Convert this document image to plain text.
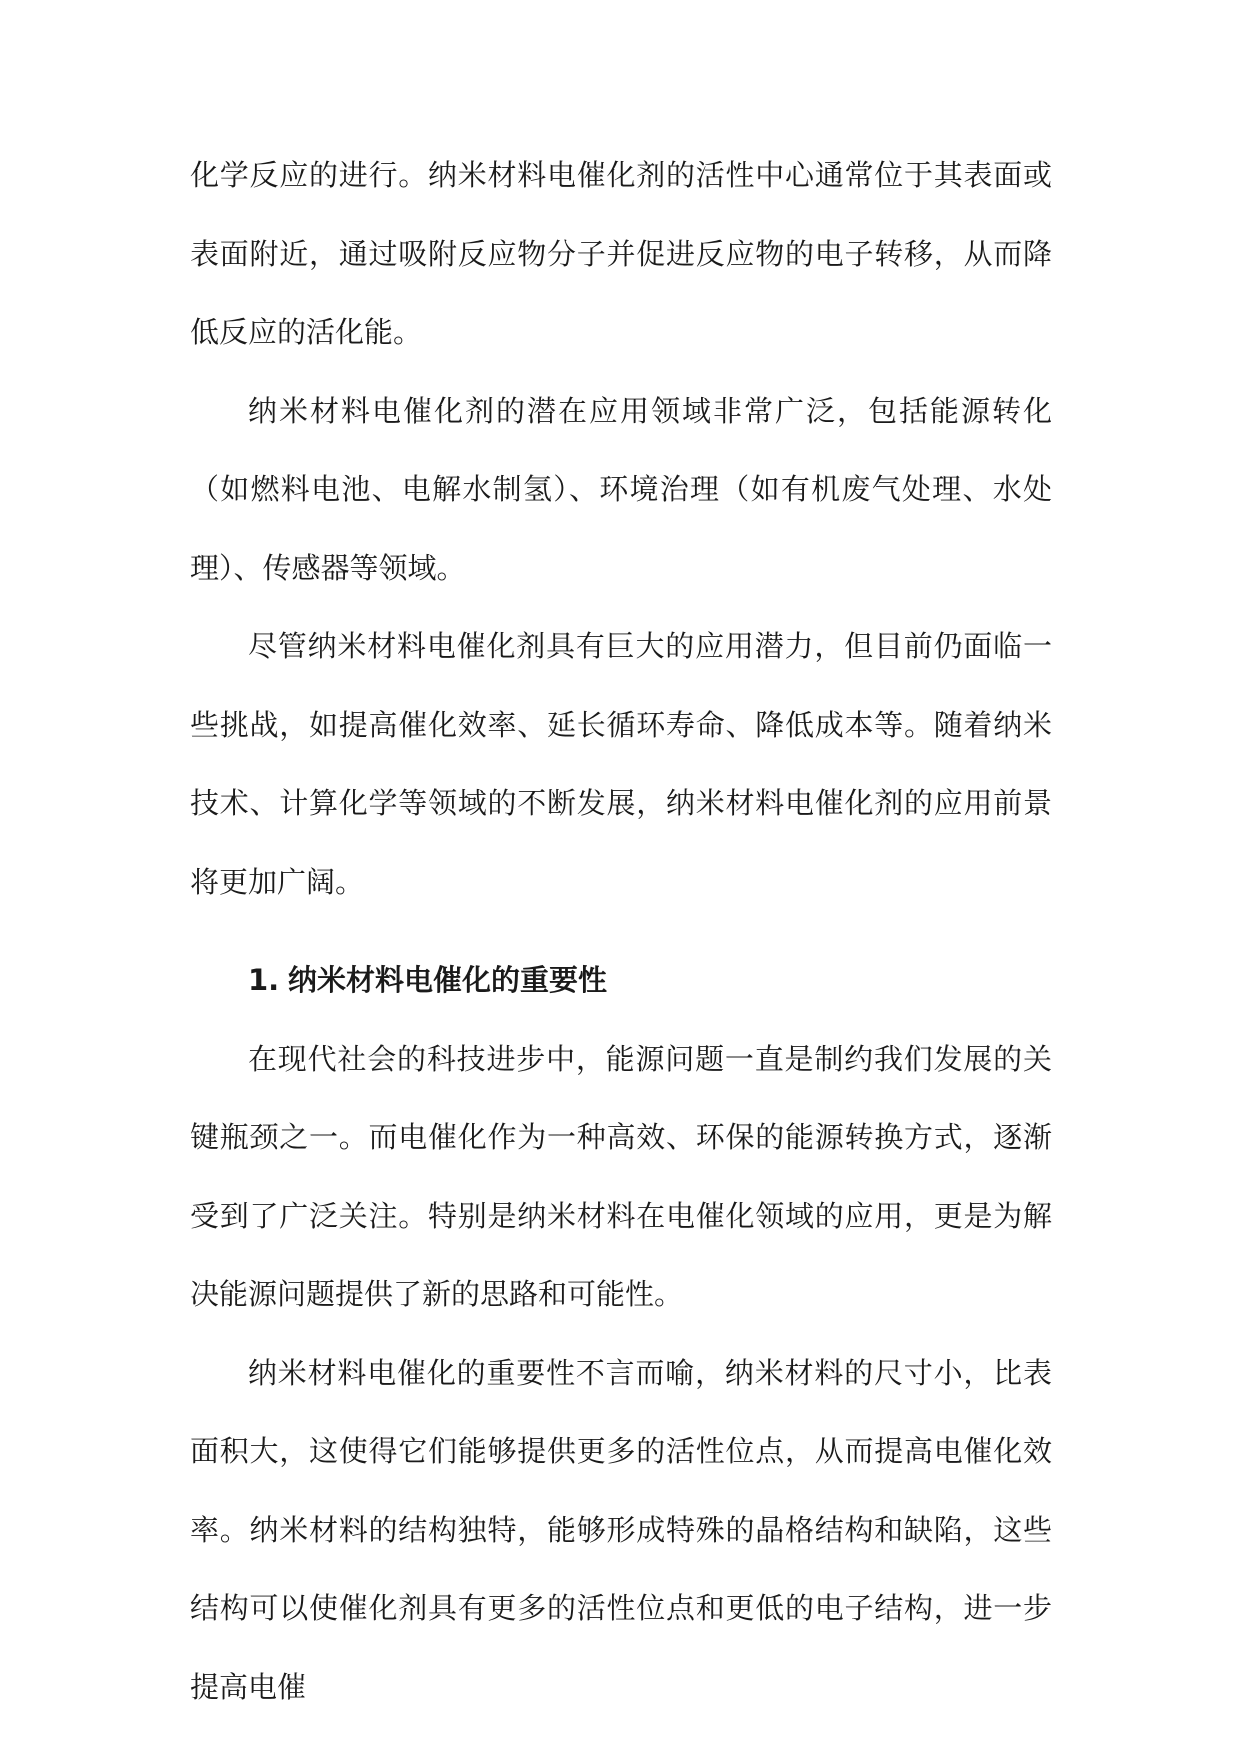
化学反应的进行。纳米材料电催化剂的活性中心通常位于其表面或表面附近，通过吸附反应物分子并促进反应物的电子转移，从而降低反应的活化能。

纳米材料电催化剂的潜在应用领域非常广泛，包括能源转化（如燃料电池、电解水制氢）、环境治理（如有机废气处理、水处理）、传感器等领域。

尽管纳米材料电催化剂具有巨大的应用潜力，但目前仍面临一些挑战，如提高催化效率、延长循环寿命、降低成本等。随着纳米技术、计算化学等领域的不断发展，纳米材料电催化剂的应用前景将更加广阔。

1. 纳米材料电催化的重要性

在现代社会的科技进步中，能源问题一直是制约我们发展的关键瓶颈之一。而电催化作为一种高效、环保的能源转换方式，逐渐受到了广泛关注。特别是纳米材料在电催化领域的应用，更是为解决能源问题提供了新的思路和可能性。

纳米材料电催化的重要性不言而喻，纳米材料的尺寸小，比表面积大，这使得它们能够提供更多的活性位点，从而提高电催化效率。纳米材料的结构独特，能够形成特殊的晶格结构和缺陷，这些结构可以使催化剂具有更多的活性位点和更低的电子结构，进一步提高电催
